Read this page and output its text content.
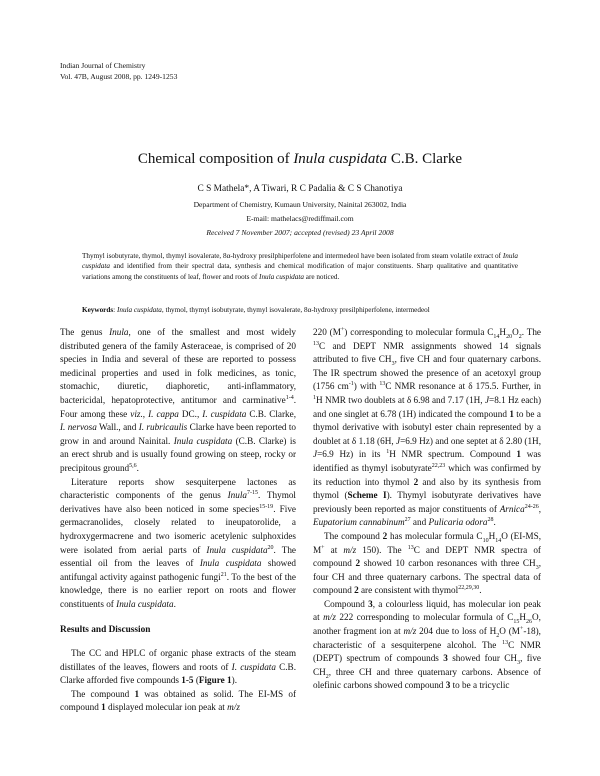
Indian Journal of Chemistry
Vol. 47B, August 2008, pp. 1249-1253
Chemical composition of Inula cuspidata C.B. Clarke
C S Mathela*, A Tiwari, R C Padalia & C S Chanotiya
Department of Chemistry, Kumaun University, Nainital 263002, India
E-mail: mathelacs@rediffmail.com
Received 7 November 2007; accepted (revised) 23 April 2008
Thymyl isobutyrate, thymol, thymyl isovalerate, 8α-hydroxy presilphiperfolene and intermedeol have been isolated from steam volatile extract of Inula cuspidata and identified from their spectral data, synthesis and chemical modification of major constituents. Sharp qualitative and quantitative variations among the constituents of leaf, flower and roots of Inula cuspidata are noticed.
Keywords: Inula cuspidata, thymol, thymyl isobutyrate, thymyl isovalerate, 8α-hydroxy presilphiperfolene, intermedeol

The genus Inula, one of the smallest and most widely distributed genera of the family Asteraceae, is comprised of 20 species in India and several of these are reported to possess medicinal properties and used in folk medicines, as tonic, stomachic, diuretic, diaphoretic, anti-inflammatory, bactericidal, hepatoprotective, antitumor and carminative$^{1-4}$. Four among these viz., I. cappa DC., I. cuspidata C.B. Clarke, I. nervosa Wall., and I. rubricaulis Clarke have been reported to grow in and around Nainital. Inula cuspidata (C.B. Clarke) is an erect shrub and is usually found growing on steep, rocky or precipitous ground$^{5,6}$.

Literature reports show sesquiterpene lactones as characteristic components of the genus Inula$^{7-15}$. Thymol derivatives have also been noticed in some species$^{15-19}$. Five germacranolides, closely related to ineupatorolide, a hydroxygermacrene and two isomeric acetylenic sulphoxides were isolated from aerial parts of Inula cuspidata$^{20}$. The essential oil from the leaves of Inula cuspidata showed antifungal activity against pathogenic fungi$^{21}$. To the best of the knowledge, there is no earlier report on roots and flower constituents of Inula cuspidata.

Results and Discussion

The CC and HPLC of organic phase extracts of the steam distillates of the leaves, flowers and roots of I. cuspidata C.B. Clarke afforded five compounds 1-5 (Figure 1).

The compound 1 was obtained as solid. The EI-MS of compound 1 displayed molecular ion peak at m/z

220 (M+) corresponding to molecular formula $C_{14}H_{20}O_2$. The $^{13}$C and DEPT NMR assignments showed 14 signals attributed to five $CH_3$, five CH and four quaternary carbons. The IR spectrum showed the presence of an acetoxyl group (1756 $cm^{-1}$) with $^{13}$C NMR resonance at δ 175.5. Further, in $^1$H NMR two doublets at δ 6.98 and 7.17 (1H, J=8.1 Hz each) and one singlet at 6.78 (1H) indicated the compound 1 to be a thymol derivative with isobutyl ester chain represented by a doublet at δ 1.18 (6H, J=6.9 Hz) and one septet at δ 2.80 (1H, J=6.9 Hz) in its $^1$H NMR spectrum. Compound 1 was identified as thymyl isobutyrate$^{22,23}$ which was confirmed by its reduction into thymol 2 and also by its synthesis from thymol (Scheme I). Thymyl isobutyrate derivatives have previously been reported as major constituents of Arnica$^{24-26}$, Eupatorium cannabinum$^{27}$ and Pulicaria odora$^{28}$.

The compound 2 has molecular formula $C_{10}H_{14}O$ (EI-MS, M+ at m/z 150). The $^{13}$C and DEPT NMR spectra of compound 2 showed 10 carbon resonances with three $CH_3$, four CH and three quaternary carbons. The spectral data of compound 2 are consistent with thymol$^{22,29,30}$.

Compound 3, a colourless liquid, has molecular ion peak at m/z 222 corresponding to molecular formula of $C_{15}H_{26}O$, another fragment ion at m/z 204 due to loss of $H_2O$ (M+-18), characteristic of a sesquiterpene alcohol. The $^{13}$C NMR (DEPT) spectrum of compounds 3 showed four $CH_3$, five $CH_2$, three CH and three quaternary carbons. Absence of olefinic carbons showed compound 3 to be a tricyclic
